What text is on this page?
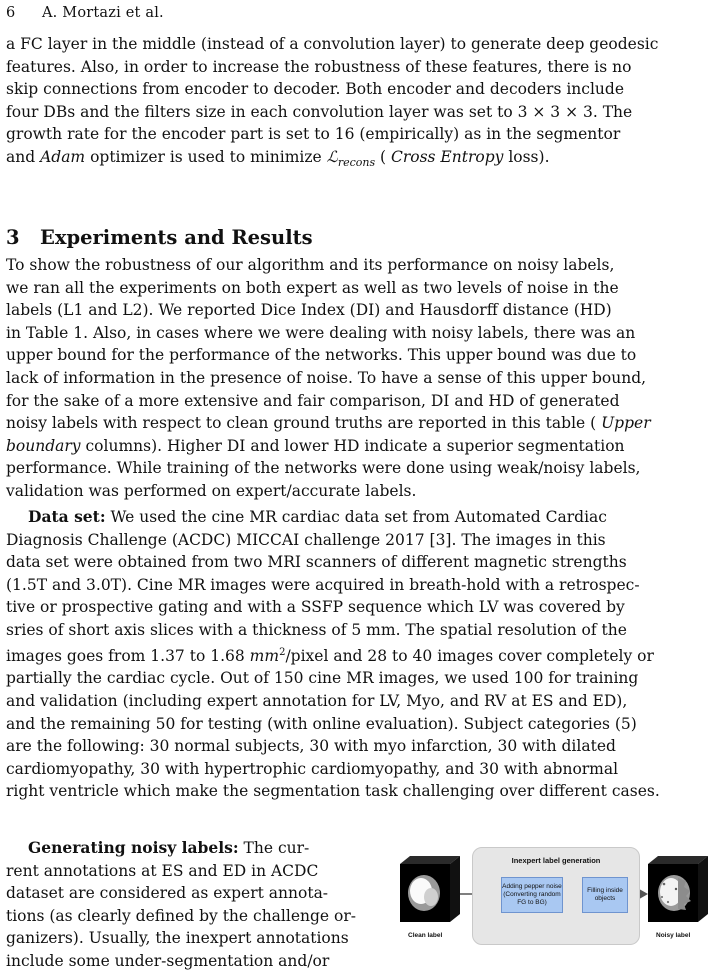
6 A. Mortazi et al.
a FC layer in the middle (instead of a convolution layer) to generate deep geodesic
features. Also, in order to increase the robustness of these features, there is no
skip connections from encoder to decoder. Both encoder and decoders include
four DBs and the filters size in each convolution layer was set to 3 × 3 × 3. The
growth rate for the encoder part is set to 16 (empirically) as in the segmentor
and Adam optimizer is used to minimize ℒ$_{recons}$ ( Cross Entropy loss).
3 Experiments and Results
To show the robustness of our algorithm and its performance on noisy labels,
we ran all the experiments on both expert as well as two levels of noise in the
labels (L1 and L2). We reported Dice Index (DI) and Hausdorff distance (HD)
in Table 1. Also, in cases where we were dealing with noisy labels, there was an
upper bound for the performance of the networks. This upper bound was due to
lack of information in the presence of noise. To have a sense of this upper bound,
for the sake of a more extensive and fair comparison, DI and HD of generated
noisy labels with respect to clean ground truths are reported in this table ( Upper
boundary columns). Higher DI and lower HD indicate a superior segmentation
performance. While training of the networks were done using weak/noisy labels,
validation was performed on expert/accurate labels.
Data set: We used the cine MR cardiac data set from Automated Cardiac
Diagnosis Challenge (ACDC) MICCAI challenge 2017 [3]. The images in this
data set were obtained from two MRI scanners of different magnetic strengths
(1.5T and 3.0T). Cine MR images were acquired in breath-hold with a retrospec-
tive or prospective gating and with a SSFP sequence which LV was covered by
sries of short axis slices with a thickness of 5 mm. The spatial resolution of the
images goes from 1.37 to 1.68 $mm^2$/pixel and 28 to 40 images cover completely or
partially the cardiac cycle. Out of 150 cine MR images, we used 100 for training
and validation (including expert annotation for LV, Myo, and RV at ES and ED),
and the remaining 50 for testing (with online evaluation). Subject categories (5)
are the following: 30 normal subjects, 30 with myo infarction, 30 with dilated
cardiomyopathy, 30 with hypertrophic cardiomyopathy, and 30 with abnormal
right ventricle which make the segmentation task challenging over different cases.
Generating noisy labels: The cur-
rent annotations at ES and ED in ACDC
dataset are considered as expert annota-
tions (as clearly defined by the challenge or-
ganizers). Usually, the inexpert annotations
include some under-segmentation and/or
Inexpert label generation
Adding pepper noise (Converting random FG to BG)
Filling inside objects
Clean label	Noisy label
